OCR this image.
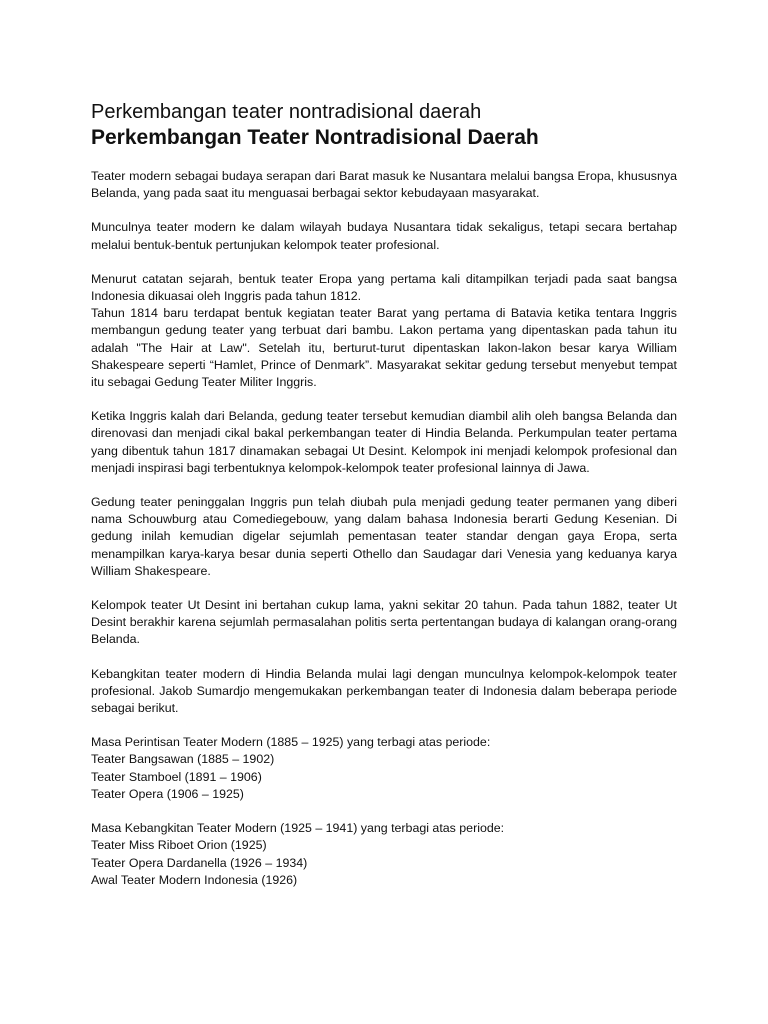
Perkembangan teater nontradisional daerah
Perkembangan Teater Nontradisional Daerah
Teater modern sebagai budaya serapan dari Barat masuk ke Nusantara melalui bangsa Eropa, khususnya Belanda, yang pada saat itu menguasai berbagai sektor kebudayaan masyarakat.
Munculnya teater modern ke dalam wilayah budaya Nusantara tidak sekaligus, tetapi secara bertahap melalui bentuk-bentuk pertunjukan kelompok teater profesional.
Menurut catatan sejarah, bentuk teater Eropa yang pertama kali ditampilkan terjadi pada saat bangsa Indonesia dikuasai oleh Inggris pada tahun 1812.
Tahun 1814 baru terdapat bentuk kegiatan teater Barat yang pertama di Batavia ketika tentara Inggris membangun gedung teater yang terbuat dari bambu. Lakon pertama yang dipentaskan pada tahun itu adalah "The Hair at Law". Setelah itu, berturut-turut dipentaskan lakon-lakon besar karya William Shakespeare seperti “Hamlet, Prince of Denmark”. Masyarakat sekitar gedung tersebut menyebut tempat itu sebagai Gedung Teater Militer Inggris.
Ketika Inggris kalah dari Belanda, gedung teater tersebut kemudian diambil alih oleh bangsa Belanda dan direnovasi dan menjadi cikal bakal perkembangan teater di Hindia Belanda. Perkumpulan teater pertama yang dibentuk tahun 1817 dinamakan sebagai Ut Desint. Kelompok ini menjadi kelompok profesional dan menjadi inspirasi bagi terbentuknya kelompok-kelompok teater profesional lainnya di Jawa.
Gedung teater peninggalan Inggris pun telah diubah pula menjadi gedung teater permanen yang diberi nama Schouwburg atau Comediegebouw, yang dalam bahasa Indonesia berarti Gedung Kesenian. Di gedung inilah kemudian digelar sejumlah pementasan teater standar dengan gaya Eropa, serta menampilkan karya-karya besar dunia seperti Othello dan Saudagar dari Venesia yang keduanya karya William Shakespeare.
Kelompok teater Ut Desint ini bertahan cukup lama, yakni sekitar 20 tahun. Pada tahun 1882, teater Ut Desint berakhir karena sejumlah permasalahan politis serta pertentangan budaya di kalangan orang-orang Belanda.
Kebangkitan teater modern di Hindia Belanda mulai lagi dengan munculnya kelompok-kelompok teater profesional. Jakob Sumardjo mengemukakan perkembangan teater di Indonesia dalam beberapa periode sebagai berikut.
Masa Perintisan Teater Modern (1885 – 1925) yang terbagi atas periode:
Teater Bangsawan (1885 – 1902)
Teater Stamboel (1891 – 1906)
Teater Opera (1906 – 1925)
Masa Kebangkitan Teater Modern (1925 – 1941) yang terbagi atas periode:
Teater Miss Riboet Orion (1925)
Teater Opera Dardanella (1926 – 1934)
Awal Teater Modern Indonesia (1926)
